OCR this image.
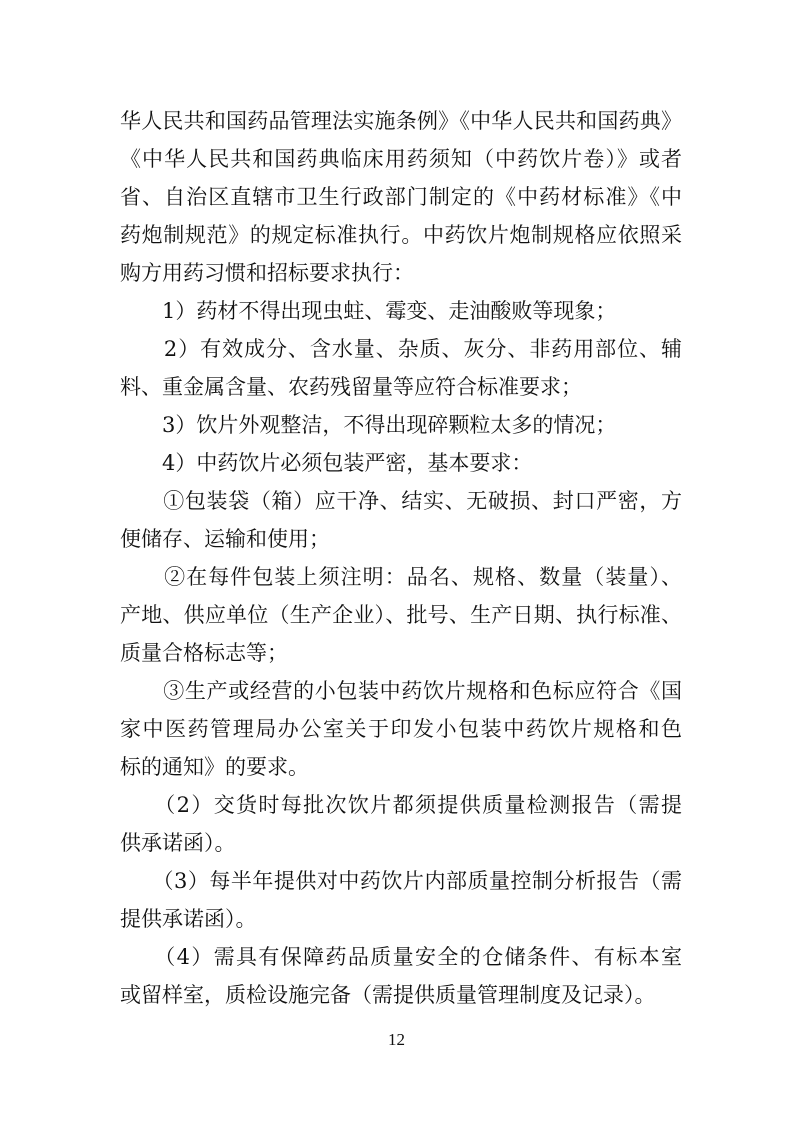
华人民共和国药品管理法实施条例》《中华人民共和国药典》
《中华人民共和国药典临床用药须知（中药饮片卷）》或者
省、自治区直辖市卫生行政部门制定的《中药材标准》《中
药炮制规范》的规定标准执行。中药饮片炮制规格应依照采
购方用药习惯和招标要求执行：
　　1）药材不得出现虫蛀、霉变、走油酸败等现象；
　　2）有效成分、含水量、杂质、灰分、非药用部位、辅
料、重金属含量、农药残留量等应符合标准要求；
　　3）饮片外观整洁，不得出现碎颗粒太多的情况；
　　4）中药饮片必须包装严密，基本要求：
　　①包装袋（箱）应干净、结实、无破损、封口严密，方
便储存、运输和使用；
　　②在每件包装上须注明：品名、规格、数量（装量）、
产地、供应单位（生产企业）、批号、生产日期、执行标准、
质量合格标志等；
　　③生产或经营的小包装中药饮片规格和色标应符合《国
家中医药管理局办公室关于印发小包装中药饮片规格和色
标的通知》的要求。
　　（2）交货时每批次饮片都须提供质量检测报告（需提
供承诺函）。
　　（3）每半年提供对中药饮片内部质量控制分析报告（需
提供承诺函）。
　　（4）需具有保障药品质量安全的仓储条件、有标本室
或留样室，质检设施完备（需提供质量管理制度及记录）。
12
